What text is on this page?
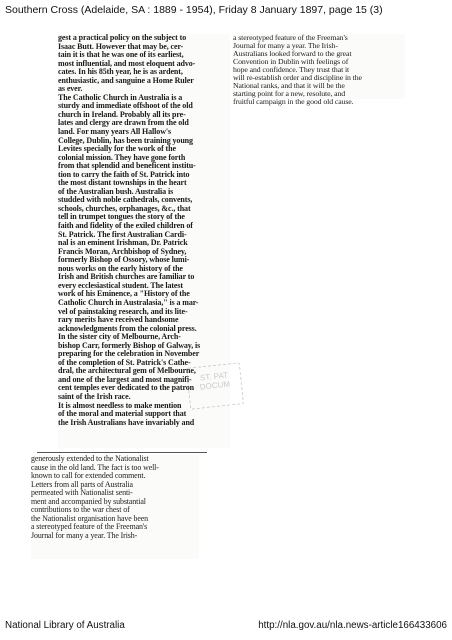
Southern Cross (Adelaide, SA : 1889 - 1954), Friday 8 January 1897, page 15 (3)
gest a practical policy on the subject to
Isaac Butt. However that may be, cer-
tain it is that he was one of its earliest,
most influential, and most eloquent advo-
cates. In his 85th year, he is as ardent,
enthusiastic, and sanguine a Home Ruler
as ever.
The Catholic Church in Australia is a
sturdy and immediate offshoot of the old
church in Ireland. Probably all its pre-
lates and clergy are drawn from the old
land. For many years All Hallow's
College, Dublin, has been training young
Levites specially for the work of the
colonial mission. They have gone forth
from that splendid and beneficent institu-
tion to carry the faith of St. Patrick into
the most distant townships in the heart
of the Australian bush. Australia is
studded with noble cathedrals, convents,
schools, churches, orphanages, &c., that
tell in trumpet tongues the story of the
faith and fidelity of the exiled children of
St. Patrick. The first Australian Cardi-
nal is an eminent Irishman, Dr. Patrick
Francis Moran, Archbishop of Sydney,
formerly Bishop of Ossory, whose lumi-
nous works on the early history of the
Irish and British churches are familiar to
every ecclesiastical student. The latest
work of his Eminence, a "History of the
Catholic Church in Australasia," is a mar-
vel of painstaking research, and its lite-
rary merits have received handsome
acknowledgments from the colonial press.
In the sister city of Melbourne, Arch-
bishop Carr, formerly Bishop of Galway, is
preparing for the celebration in November
of the completion of St. Patrick's Cathe-
dral, the architectural gem of Melbourne,
and one of the largest and most magnifi-
cent temples ever dedicated to the patron
saint of the Irish race.
It is almost needless to make mention
of the moral and material support that
the Irish Australians have invariably and
a stereotyped feature of the Freeman's
Journal for many a year. The Irish-
Australians looked forward to the great
Convention in Dublin with feelings of
hope and confidence. They trust that it
will re-establish order and discipline in the
National ranks, and that it will be the
starting point for a new, resolute, and
fruitful campaign in the good old cause.
generously extended to the Nationalist
cause in the old land. The fact is too well-
known to call for extended comment.
Letters from all parts of Australia
permeated with Nationalist senti-
ment and accompanied by substantial
contributions to the war chest of
the Nationalist organisation have been
a stereotyped feature of the Freeman's
Journal for many a year. The Irish-
ST. PAT
DOCUM
National Library of Australia	http://nla.gov.au/nla.news-article166433606
